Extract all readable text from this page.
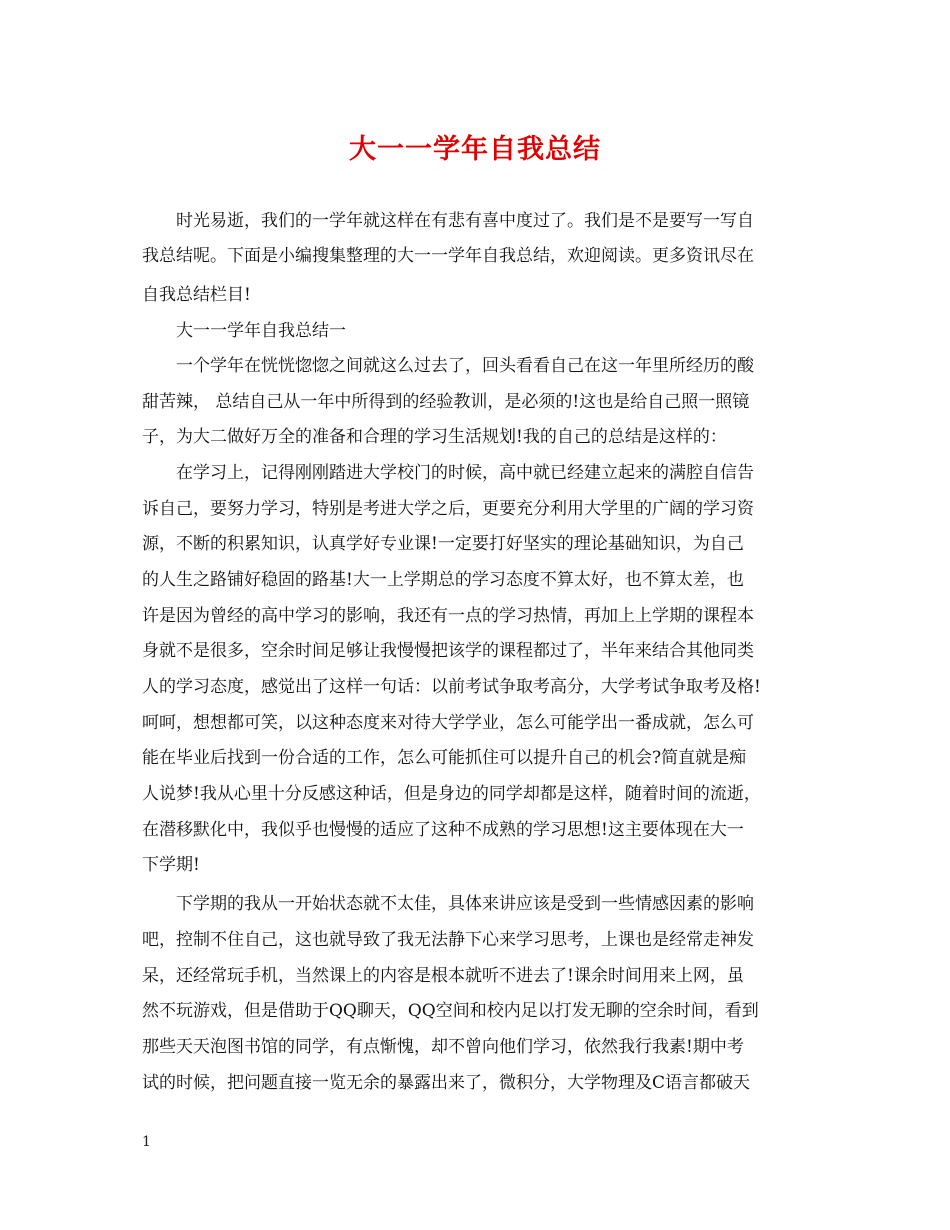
大一一学年自我总结
时光易逝，我们的一学年就这样在有悲有喜中度过了。我们是不是要写一写自
我总结呢。下面是小编搜集整理的大一一学年自我总结，欢迎阅读。更多资讯尽在
自我总结栏目!
大一一学年自我总结一
一个学年在恍恍惚惚之间就这么过去了，回头看看自己在这一年里所经历的酸
甜苦辣， 总结自己从一年中所得到的经验教训，是必须的!这也是给自己照一照镜
子，为大二做好万全的准备和合理的学习生活规划!我的自己的总结是这样的：
在学习上，记得刚刚踏进大学校门的时候，高中就已经建立起来的满腔自信告
诉自己，要努力学习，特别是考进大学之后，更要充分利用大学里的广阔的学习资
源，不断的积累知识，认真学好专业课!一定要打好坚实的理论基础知识，为自己
的人生之路铺好稳固的路基!大一上学期总的学习态度不算太好，也不算太差，也
许是因为曾经的高中学习的影响，我还有一点的学习热情，再加上上学期的课程本
身就不是很多，空余时间足够让我慢慢把该学的课程都过了，半年来结合其他同类
人的学习态度，感觉出了这样一句话：以前考试争取考高分，大学考试争取考及格!
呵呵，想想都可笑，以这种态度来对待大学学业，怎么可能学出一番成就，怎么可
能在毕业后找到一份合适的工作，怎么可能抓住可以提升自己的机会?简直就是痴
人说梦!我从心里十分反感这种话，但是身边的同学却都是这样，随着时间的流逝，
在潜移默化中，我似乎也慢慢的适应了这种不成熟的学习思想!这主要体现在大一
下学期!
下学期的我从一开始状态就不太佳，具体来讲应该是受到一些情感因素的影响
吧，控制不住自己，这也就导致了我无法静下心来学习思考，上课也是经常走神发
呆，还经常玩手机，当然课上的内容是根本就听不进去了!课余时间用来上网，虽
然不玩游戏，但是借助于QQ聊天，QQ空间和校内足以打发无聊的空余时间，看到
那些天天泡图书馆的同学，有点惭愧，却不曾向他们学习，依然我行我素!期中考
试的时候，把问题直接一览无余的暴露出来了，微积分，大学物理及C语言都破天
1
